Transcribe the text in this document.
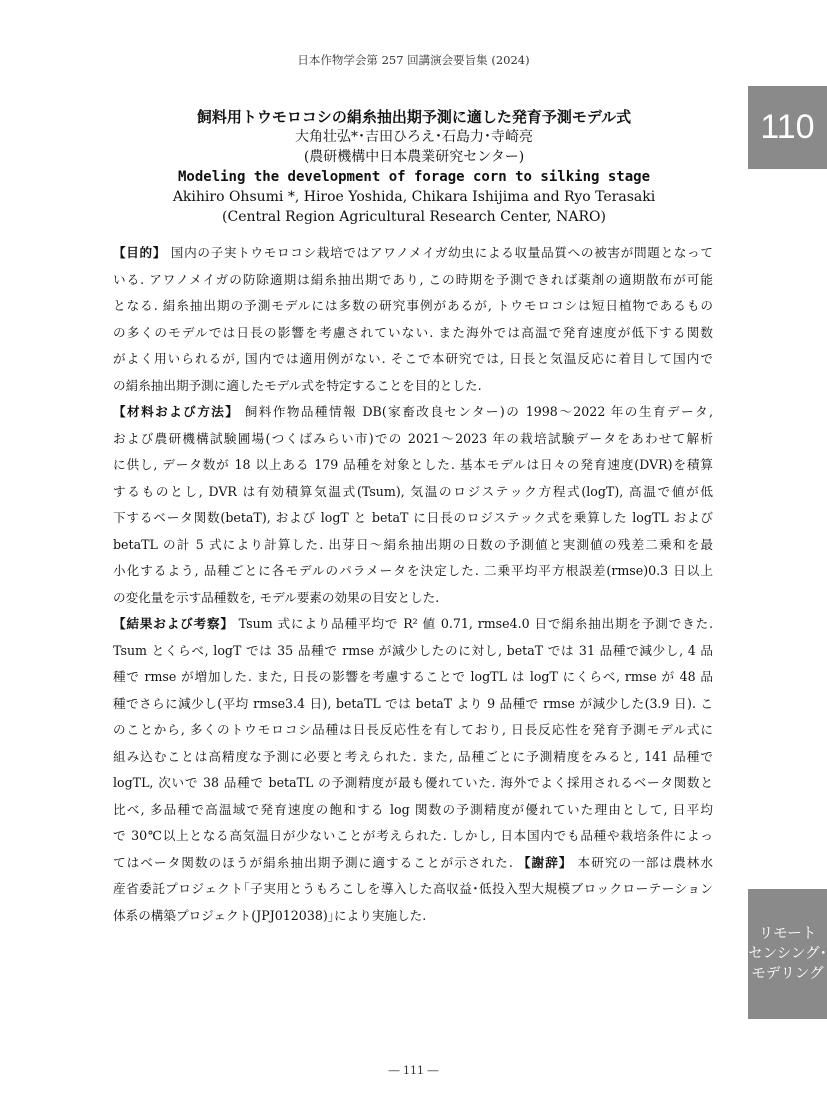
日本作物学会第 257 回講演会要旨集 (2024)
110
リモート
センシング･
モデリング
飼料用トウモロコシの絹糸抽出期予測に適した発育予測モデル式
大角壮弘*･吉田ひろえ･石島力･寺崎亮
(農研機構中日本農業研究センター)
Modeling the development of forage corn to silking stage
Akihiro Ohsumi *, Hiroe Yoshida, Chikara Ishijima and Ryo Terasaki
(Central Region Agricultural Research Center, NARO)
【目的】 国内の子実トウモロコシ栽培ではアワノメイガ幼虫による収量品質への被害が問題となって
いる. アワノメイガの防除適期は絹糸抽出期であり, この時期を予測できれば薬剤の適期散布が可能
となる. 絹糸抽出期の予測モデルには多数の研究事例があるが, トウモロコシは短日植物であるもの
の多くのモデルでは日長の影響を考慮されていない. また海外では高温で発育速度が低下する関数
がよく用いられるが, 国内では適用例がない. そこで本研究では, 日長と気温反応に着目して国内で
の絹糸抽出期予測に適したモデル式を特定することを目的とした.
【材料および方法】 飼料作物品種情報 DB(家畜改良センター)の 1998～2022 年の生育データ,
および農研機構試験圃場(つくばみらい市)での 2021～2023 年の栽培試験データをあわせて解析
に供し, データ数が 18 以上ある 179 品種を対象とした. 基本モデルは日々の発育速度(DVR)を積算
するものとし, DVR は有効積算気温式(Tsum), 気温のロジステック方程式(logT), 高温で値が低
下するベータ関数(betaT), および logT と betaT に日長のロジステック式を乗算した logTL および
betaTL の計 5 式により計算した. 出芽日～絹糸抽出期の日数の予測値と実測値の残差二乗和を最
小化するよう, 品種ごとに各モデルのパラメータを決定した. 二乗平均平方根誤差(rmse)0.3 日以上
の変化量を示す品種数を, モデル要素の効果の目安とした.
【結果および考察】 Tsum 式により品種平均で R² 値 0.71, rmse4.0 日で絹糸抽出期を予測できた.
Tsum とくらべ, logT では 35 品種で rmse が減少したのに対し, betaT では 31 品種で減少し, 4 品
種で rmse が増加した. また, 日長の影響を考慮することで logTL は logT にくらべ, rmse が 48 品
種でさらに減少し(平均 rmse3.4 日), betaTL では betaT より 9 品種で rmse が減少した(3.9 日). こ
のことから, 多くのトウモロコシ品種は日長反応性を有しており, 日長反応性を発育予測モデル式に
組み込むことは高精度な予測に必要と考えられた. また, 品種ごとに予測精度をみると, 141 品種で
logTL, 次いで 38 品種で betaTL の予測精度が最も優れていた. 海外でよく採用されるベータ関数と
比べ, 多品種で高温域で発育速度の飽和する log 関数の予測精度が優れていた理由として, 日平均
で 30℃以上となる高気温日が少ないことが考えられた. しかし, 日本国内でも品種や栽培条件によっ
てはベータ関数のほうが絹糸抽出期予測に適することが示された. 【謝辞】 本研究の一部は農林水
産省委託プロジェクト｢子実用とうもろこしを導入した高収益･低投入型大規模ブロックローテーション
体系の構築プロジェクト(JPJ012038)｣により実施した.
― 111 ―
